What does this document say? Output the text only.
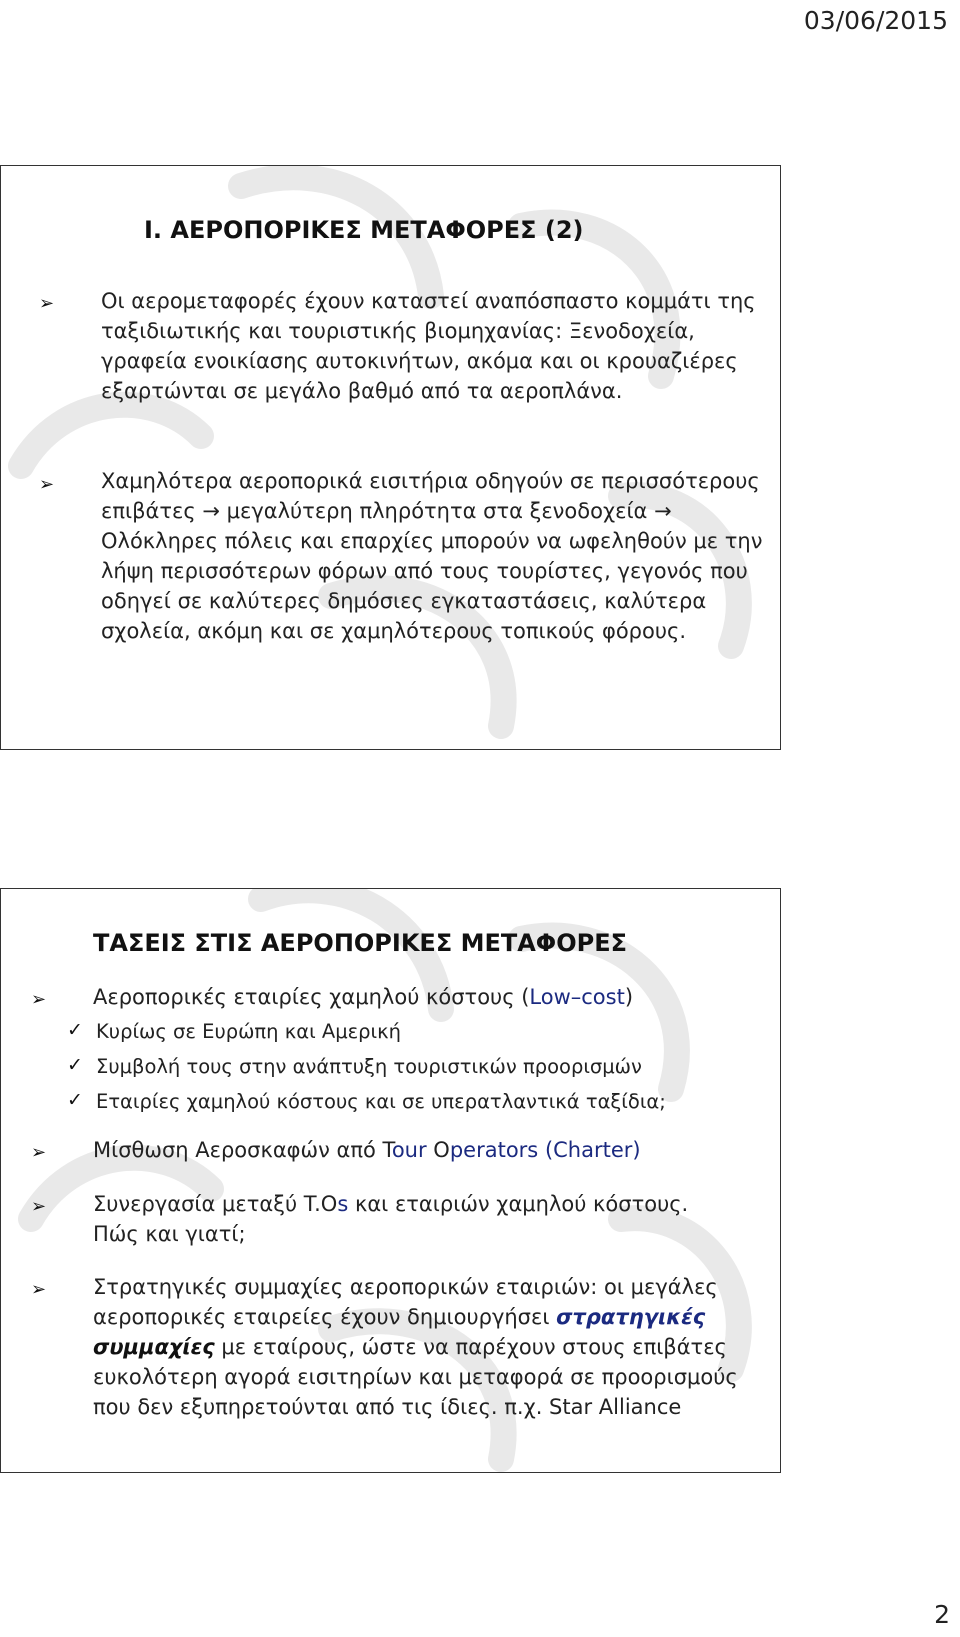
03/06/2015
I. ΑΕΡΟΠΟΡΙΚΕΣ ΜΕΤΑΦΟΡΕΣ (2)
➢ Οι αερομεταφορές έχουν καταστεί αναπόσπαστο κομμάτι της ταξιδιωτικής και τουριστικής βιομηχανίας: Ξενοδοχεία, γραφεία ενοικίασης αυτοκινήτων, ακόμα και οι κρουαζιέρες εξαρτώνται σε μεγάλο βαθμό από τα αεροπλάνα.
➢ Χαμηλότερα αεροπορικά εισιτήρια οδηγούν σε περισσότερους επιβάτες → μεγαλύτερη πληρότητα στα ξενοδοχεία → Ολόκληρες πόλεις και επαρχίες μπορούν να ωφεληθούν με την λήψη περισσότερων φόρων από τους τουρίστες, γεγονός που οδηγεί σε καλύτερες δημόσιες εγκαταστάσεις, καλύτερα σχολεία, ακόμη και σε χαμηλότερους τοπικούς φόρους.
ΤΑΣΕΙΣ ΣΤΙΣ ΑΕΡΟΠΟΡΙΚΕΣ ΜΕΤΑΦΟΡΕΣ
➢ Αεροπορικές εταιρίες χαμηλού κόστους (Low–cost)
✓ Κυρίως σε Ευρώπη και Αμερική
✓ Συμβολή τους στην ανάπτυξη τουριστικών προορισμών
✓ Εταιρίες χαμηλού κόστους και σε υπερατλαντικά ταξίδια;
➢ Μίσθωση Αεροσκαφών από Tour Operators (Charter)
➢ Συνεργασία μεταξύ T.Os και εταιριών χαμηλού κόστους.
Πώς και γιατί;
➢ Στρατηγικές συμμαχίες αεροπορικών εταιριών: οι μεγάλες αεροπορικές εταιρείες έχουν δημιουργήσει στρατηγικές συμμαχίες με εταίρους, ώστε να παρέχουν στους επιβάτες ευκολότερη αγορά εισιτηρίων και μεταφορά σε προορισμούς που δεν εξυπηρετούνται από τις ίδιες. π.χ. Star Alliance
2
